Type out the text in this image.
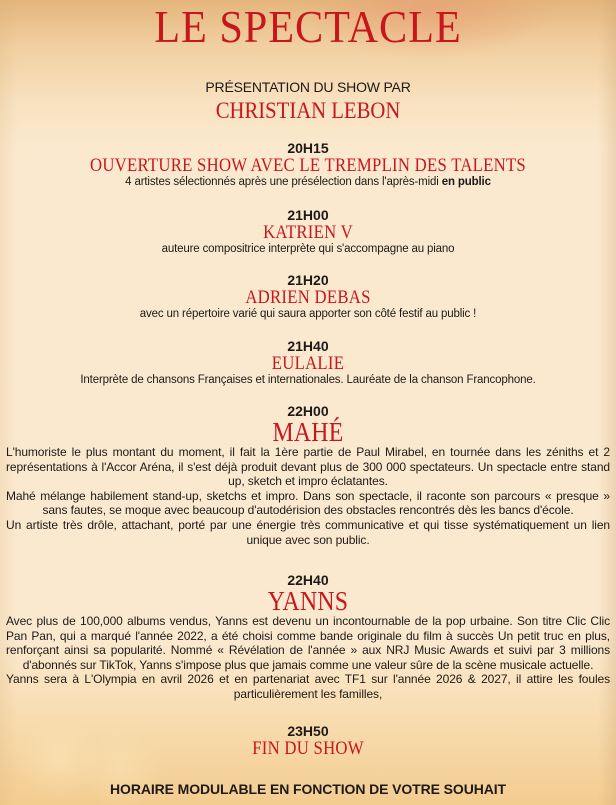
LE SPECTACLE
PRÉSENTATION DU SHOW PAR
CHRISTIAN LEBON
20H15
OUVERTURE SHOW AVEC LE TREMPLIN DES TALENTS
4 artistes sélectionnés après une présélection dans l'après-midi en public
21H00
KATRIEN V
auteure compositrice interprète qui s'accompagne au piano
21H20
ADRIEN DEBAS
avec un répertoire varié qui saura apporter son côté festif au public !
21H40
EULALIE
Interprète de chansons Françaises et internationales. Lauréate de la chanson Francophone.
22H00
MAHÉ
L'humoriste le plus montant du moment, il fait la 1ère partie de Paul Mirabel, en tournée dans les zéniths et 2 représentations à l'Accor Aréna, il s'est déjà produit devant plus de 300 000 spectateurs. Un spectacle entre stand up, sketch et impro éclatantes.
Mahé mélange habilement stand-up, sketchs et impro. Dans son spectacle, il raconte son parcours « presque » sans fautes, se moque avec beaucoup d'autodérision des obstacles rencontrés dès les bancs d'école.
Un artiste très drôle, attachant, porté par une énergie très communicative et qui tisse systématiquement un lien unique avec son public.
22H40
YANNS
Avec plus de 100,000 albums vendus, Yanns est devenu un incontournable de la pop urbaine. Son titre Clic Clic Pan Pan, qui a marqué l'année 2022, a été choisi comme bande originale du film à succès Un petit truc en plus, renforçant ainsi sa popularité. Nommé « Révélation de l'année » aux NRJ Music Awards et suivi par 3 millions d'abonnés sur TikTok, Yanns s'impose plus que jamais comme une valeur sûre de la scène musicale actuelle.
Yanns sera à L'Olympia en avril 2026 et en partenariat avec TF1 sur l'année 2026 & 2027, il attire les foules particulièrement les familles,
23H50
FIN DU SHOW
HORAIRE MODULABLE EN FONCTION DE VOTRE SOUHAIT
